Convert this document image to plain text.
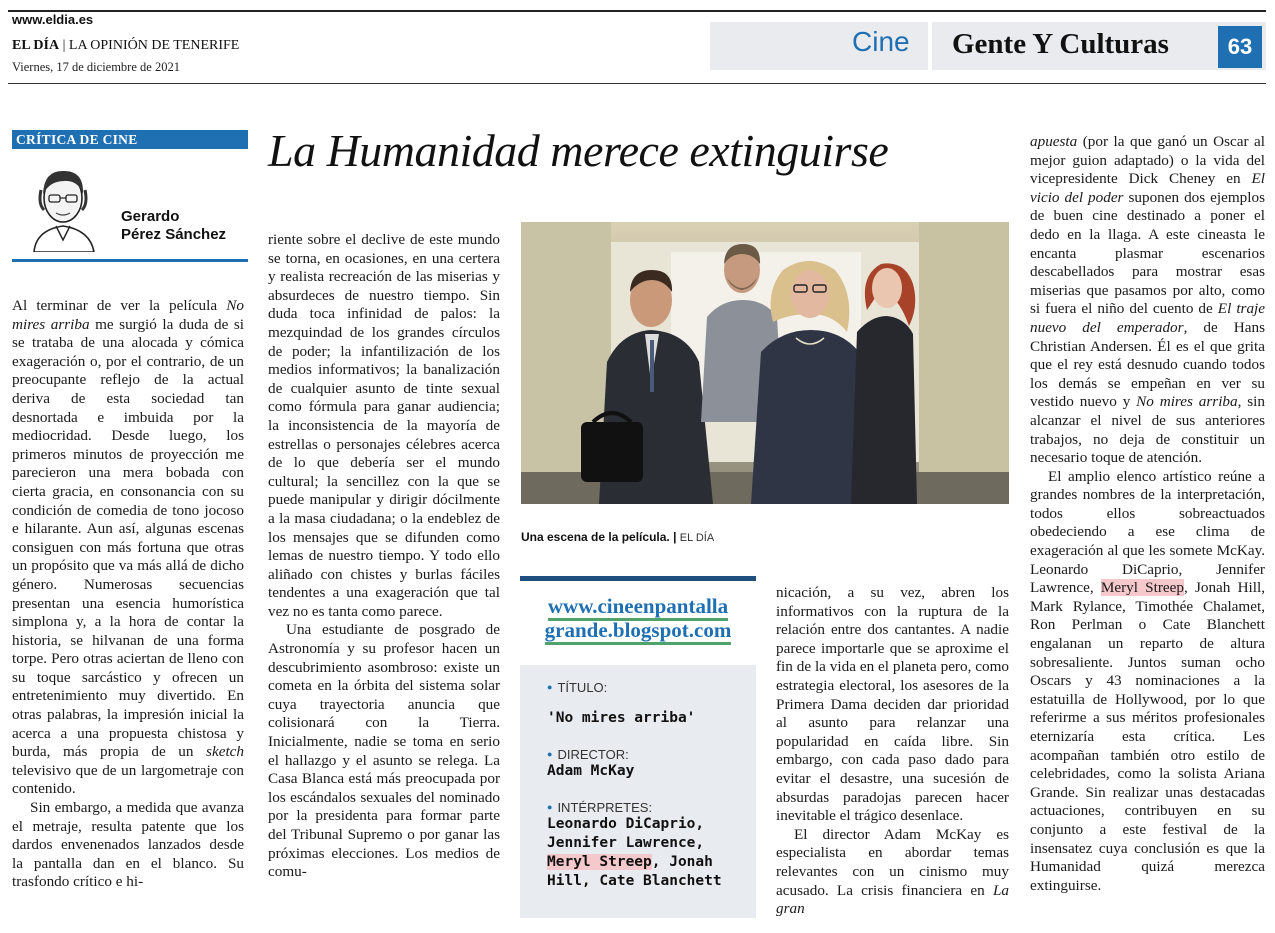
www.eldia.es
EL DÍA | LA OPINIÓN DE TENERIFE
Viernes, 17 de diciembre de 2021
Cine Gente Y Culturas	63
CRÍTICA DE CINE
Gerardo
Pérez Sánchez
La Humanidad merece extinguirse

Al terminar de ver la película No mires arriba me surgió la duda de si se trataba de una alocada y cómica exageración o, por el contrario, de un preocupante reflejo de la actual deriva de esta sociedad tan desnortada e imbuida por la mediocridad. Desde luego, los primeros minutos de proyección me parecieron una mera bobada con cierta gracia, en consonancia con su condición de comedia de tono jocoso e hilarante. Aun así, algunas escenas consiguen con más fortuna que otras un propósito que va más allá de dicho género. Numerosas secuencias presentan una esencia humorística simplona y, a la hora de contar la historia, se hilvanan de una forma torpe. Pero otras aciertan de lleno con su toque sarcástico y ofrecen un entretenimiento muy divertido. En otras palabras, la impresión inicial la acerca a una propuesta chistosa y burda, más propia de un sketch televisivo que de un largometraje con contenido.

Sin embargo, a medida que avanza el metraje, resulta patente que los dardos envenenados lanzados desde la pantalla dan en el blanco. Su trasfondo crítico e hi-

riente sobre el declive de este mundo se torna, en ocasiones, en una certera y realista recreación de las miserias y absurdeces de nuestro tiempo. Sin duda toca infinidad de palos: la mezquindad de los grandes círculos de poder; la infantilización de los medios informativos; la banalización de cualquier asunto de tinte sexual como fórmula para ganar audiencia; la inconsistencia de la mayoría de estrellas o personajes célebres acerca de lo que debería ser el mundo cultural; la sencillez con la que se puede manipular y dirigir dócilmente a la masa ciudadana; o la endeblez de los mensajes que se difunden como lemas de nuestro tiempo. Y todo ello aliñado con chistes y burlas fáciles tendentes a una exageración que tal vez no es tanta como parece.

Una estudiante de posgrado de Astronomía y su profesor hacen un descubrimiento asombroso: existe un cometa en la órbita del sistema solar cuya trayectoria anuncia que colisionará con la Tierra. Inicialmente, nadie se toma en serio el hallazgo y el asunto se relega. La Casa Blanca está más preocupada por los escándalos sexuales del nominado por la presidenta para formar parte del Tribunal Supremo o por ganar las próximas elecciones. Los medios de comu-

Una escena de la película. | EL DÍA
www.cineenpantalla
grande.blogspot.com
● TÍTULO:
'No mires arriba'
● DIRECTOR:
Adam McKay
● INTÉRPRETES:
Leonardo DiCaprio,
Jennifer Lawrence,
Meryl Streep, Jonah
Hill, Cate Blanchett

nicación, a su vez, abren los informativos con la ruptura de la relación entre dos cantantes. A nadie parece importarle que se aproxime el fin de la vida en el planeta pero, como estrategia electoral, los asesores de la Primera Dama deciden dar prioridad al asunto para relanzar una popularidad en caída libre. Sin embargo, con cada paso dado para evitar el desastre, una sucesión de absurdas paradojas parecen hacer inevitable el trágico desenlace.

El director Adam McKay es especialista en abordar temas relevantes con un cinismo muy acusado. La crisis financiera en La gran

apuesta (por la que ganó un Oscar al mejor guion adaptado) o la vida del vicepresidente Dick Cheney en El vicio del poder suponen dos ejemplos de buen cine destinado a poner el dedo en la llaga. A este cineasta le encanta plasmar escenarios descabellados para mostrar esas miserias que pasamos por alto, como si fuera el niño del cuento de El traje nuevo del emperador, de Hans Christian Andersen. Él es el que grita que el rey está desnudo cuando todos los demás se empeñan en ver su vestido nuevo y No mires arriba, sin alcanzar el nivel de sus anteriores trabajos, no deja de constituir un necesario toque de atención.

El amplio elenco artístico reúne a grandes nombres de la interpretación, todos ellos sobreactuados obedeciendo a ese clima de exageración al que les somete McKay. Leonardo DiCaprio, Jennifer Lawrence, Meryl Streep, Jonah Hill, Mark Rylance, Timothée Chalamet, Ron Perlman o Cate Blanchett engalanan un reparto de altura sobresaliente. Juntos suman ocho Oscars y 43 nominaciones a la estatuilla de Hollywood, por lo que referirme a sus méritos profesionales eternizaría esta crítica. Les acompañan también otro estilo de celebridades, como la solista Ariana Grande. Sin realizar unas destacadas actuaciones, contribuyen en su conjunto a este festival de la insensatez cuya conclusión es que la Humanidad quizá merezca extinguirse.
